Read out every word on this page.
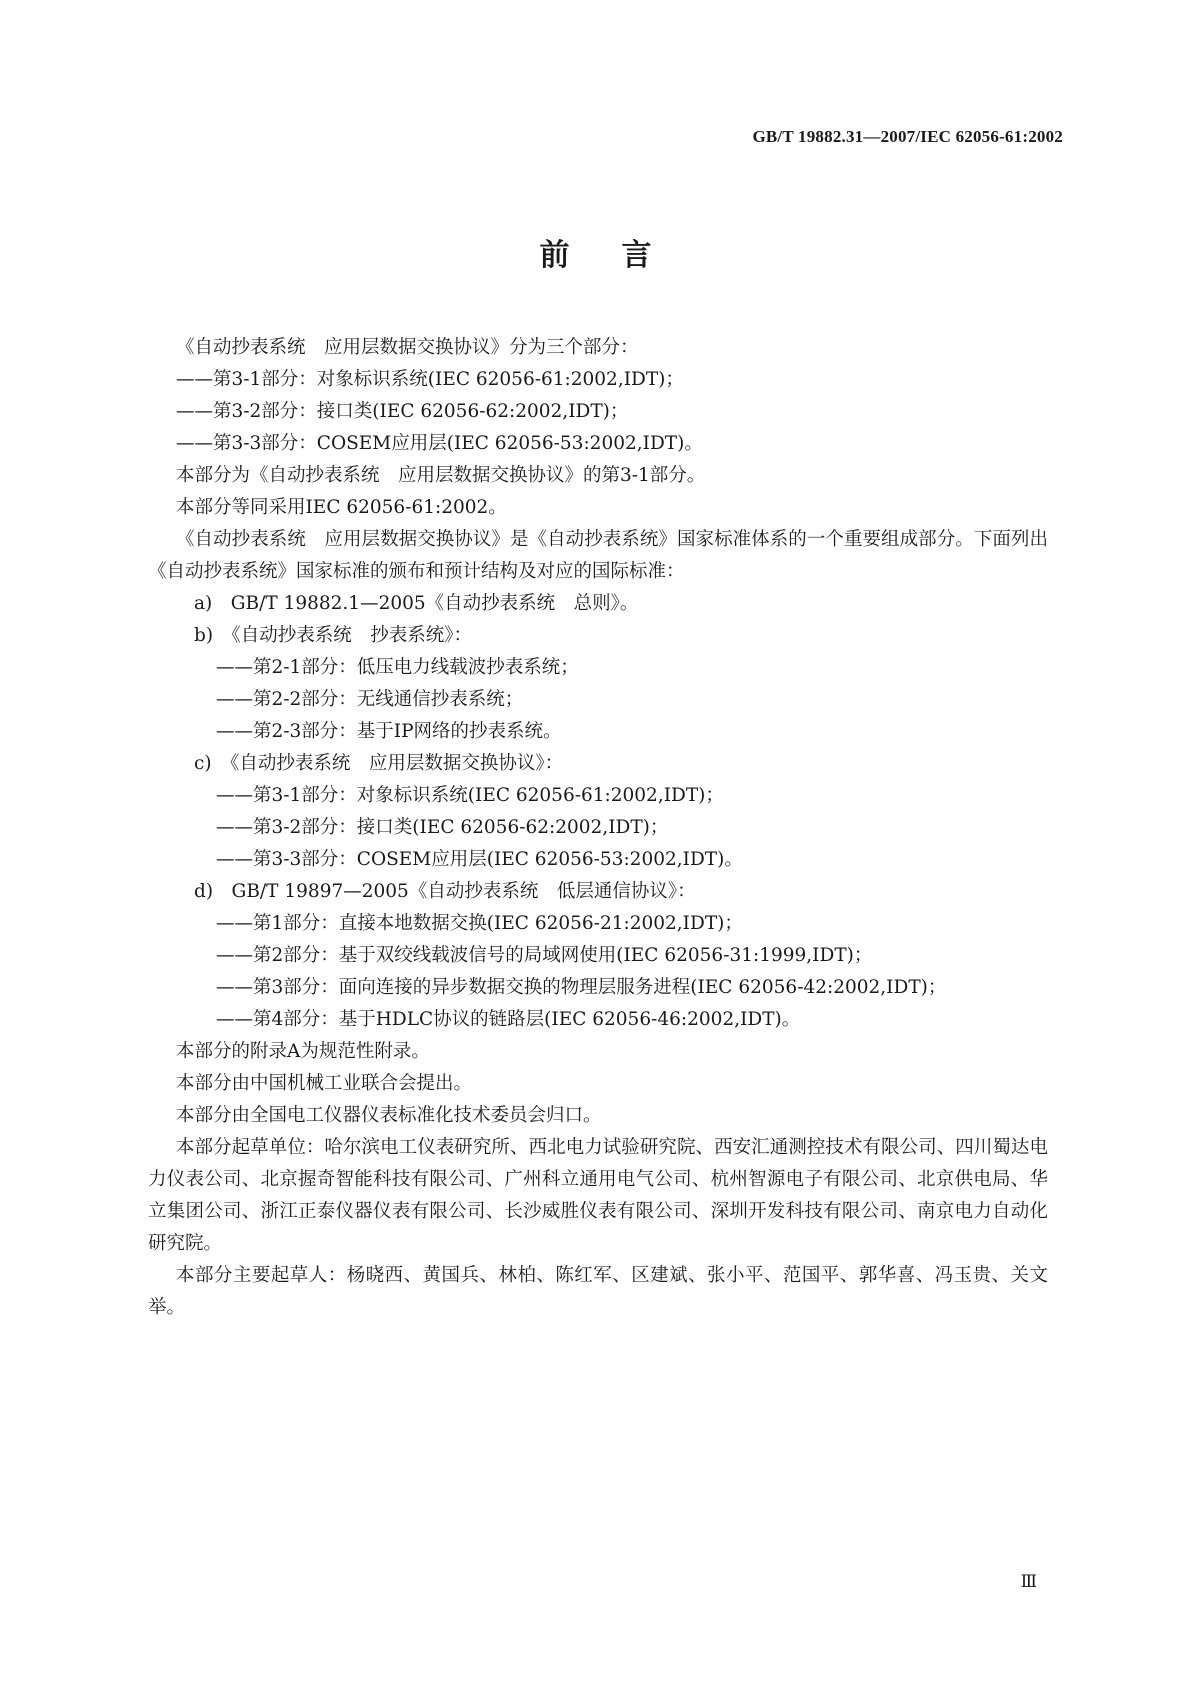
GB/T 19882.31—2007/IEC 62056-61:2002
前言

《自动抄表系统　应用层数据交换协议》分为三个部分：

——第3-1部分：对象标识系统(IEC 62056-61:2002,IDT)；

——第3-2部分：接口类(IEC 62056-62:2002,IDT)；

——第3-3部分：COSEM应用层(IEC 62056-53:2002,IDT)。

本部分为《自动抄表系统　应用层数据交换协议》的第3-1部分。

本部分等同采用IEC 62056-61:2002。

《自动抄表系统　应用层数据交换协议》是《自动抄表系统》国家标准体系的一个重要组成部分。下面列出《自动抄表系统》国家标准的颁布和预计结构及对应的国际标准：

a)　GB/T 19882.1—2005《自动抄表系统　总则》。

b)　《自动抄表系统　抄表系统》：

——第2-1部分：低压电力线载波抄表系统；

——第2-2部分：无线通信抄表系统；

——第2-3部分：基于IP网络的抄表系统。

c)　《自动抄表系统　应用层数据交换协议》：

——第3-1部分：对象标识系统(IEC 62056-61:2002,IDT)；

——第3-2部分：接口类(IEC 62056-62:2002,IDT)；

——第3-3部分：COSEM应用层(IEC 62056-53:2002,IDT)。

d)　GB/T 19897—2005《自动抄表系统　低层通信协议》：

——第1部分：直接本地数据交换(IEC 62056-21:2002,IDT)；

——第2部分：基于双绞线载波信号的局域网使用(IEC 62056-31:1999,IDT)；

——第3部分：面向连接的异步数据交换的物理层服务进程(IEC 62056-42:2002,IDT)；

——第4部分：基于HDLC协议的链路层(IEC 62056-46:2002,IDT)。

本部分的附录A为规范性附录。

本部分由中国机械工业联合会提出。

本部分由全国电工仪器仪表标准化技术委员会归口。

本部分起草单位：哈尔滨电工仪表研究所、西北电力试验研究院、西安汇通测控技术有限公司、四川蜀达电力仪表公司、北京握奇智能科技有限公司、广州科立通用电气公司、杭州智源电子有限公司、北京供电局、华立集团公司、浙江正泰仪器仪表有限公司、长沙威胜仪表有限公司、深圳开发科技有限公司、南京电力自动化研究院。

本部分主要起草人：杨晓西、黄国兵、林柏、陈红军、区建斌、张小平、范国平、郭华喜、冯玉贵、关文举。

Ⅲ
